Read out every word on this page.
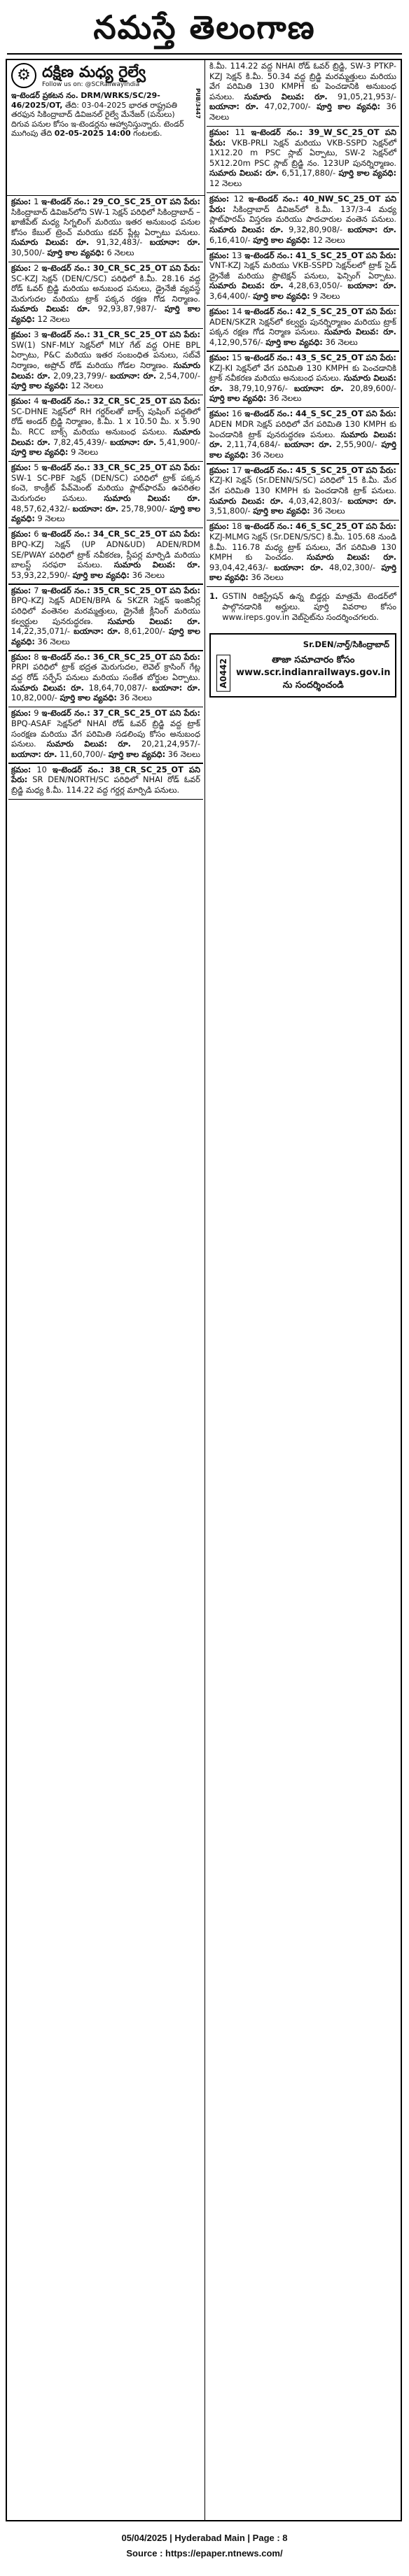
నమస్తే తెలంగాణ
⚙ దక్షిణ మధ్య రైల్వే
Follow us on: @SCRailwayIndia
PUB/3447
ఇ-టెండర్ ప్రకటన నం. DRM/WRKS/SC/29-46/2025/OT, తేది: 03-04-2025 భారత రాష్ట్రపతి తరఫున సికింద్రాబాద్ డివిజనల్ రైల్వే మేనేజర్ (పనులు) దిగువ పనుల కోసం ఇ-టెండర్లను ఆహ్వానిస్తున్నారు. టెండర్ ముగింపు తేది 02-05-2025 14:00 గంటలకు.
క్రమం: 1 ఇ-టెండర్ నం.: 29_CO_SC_25_OT పని పేరు: సికింద్రాబాద్ డివిజన్‌లోని SW-1 సెక్షన్ పరిధిలో సికింద్రాబాద్ – ఖాజీపేట్ మధ్య సిగ్నలింగ్ మరియు ఇతర అనుబంధ పనుల కోసం కేబుల్ ట్రెంచ్ మరియు కవర్ ప్లేట్ల ఏర్పాటు పనులు. సుమారు విలువ: రూ. 91,32,483/- బయానా: రూ. 30,500/- పూర్తి కాల వ్యవధి: 6 నెలలు
క్రమం: 2 ఇ-టెండర్ నం.: 30_CR_SC_25_OT పని పేరు: SC-KZJ సెక్షన్ (DEN/C/SC) పరిధిలో కి.మీ. 28.16 వద్ద రోడ్ ఓవర్ బ్రిడ్జి మరియు అనుబంధ పనులు, డ్రైనేజీ వ్యవస్థ మెరుగుదల మరియు ట్రాక్ పక్కన రక్షణ గోడ నిర్మాణం. సుమారు విలువ: రూ. 92,93,87,987/- పూర్తి కాల వ్యవధి: 12 నెలలు
క్రమం: 3 ఇ-టెండర్ నం.: 31_CR_SC_25_OT పని పేరు: SW(1) SNF-MLY సెక్షన్‌లో MLY గేట్ వద్ద OHE BPL ఏర్పాటు, P&C మరియు ఇతర సంబంధిత పనులు, సబ్‌వే నిర్మాణం, అప్రోచ్ రోడ్ మరియు గోడల నిర్మాణం. సుమారు విలువ: రూ. 2,09,23,799/- బయానా: రూ. 2,54,700/- పూర్తి కాల వ్యవధి: 12 నెలలు
క్రమం: 4 ఇ-టెండర్ నం.: 32_CR_SC_25_OT పని పేరు: SC-DHNE సెక్షన్‌లో RH గర్డర్‌లతో బాక్స్ పుషింగ్ పద్ధతిలో రోడ్ అండర్ బ్రిడ్జి నిర్మాణం, కి.మీ. 1 x 10.50 మీ. x 5.90 మీ. RCC బాక్స్ మరియు అనుబంధ పనులు. సుమారు విలువ: రూ. 7,82,45,439/- బయానా: రూ. 5,41,900/- పూర్తి కాల వ్యవధి: 9 నెలలు
క్రమం: 5 ఇ-టెండర్ నం.: 33_CR_SC_25_OT పని పేరు: SW-1 SC-PBF సెక్షన్ (DEN/SC) పరిధిలో ట్రాక్ పక్కన కంచె, కాంక్రీట్ పేవ్‌మెంట్ మరియు ప్లాట్‌ఫారమ్ ఉపరితల మెరుగుదల పనులు. సుమారు విలువ: రూ. 48,57,62,432/- బయానా: రూ. 25,78,900/- పూర్తి కాల వ్యవధి: 9 నెలలు
క్రమం: 6 ఇ-టెండర్ నం.: 34_CR_SC_25_OT పని పేరు: BPQ-KZJ సెక్షన్ (UP ADN&UD) ADEN/RDM SE/PWAY పరిధిలో ట్రాక్ నవీకరణ, స్లీపర్ల మార్పిడి మరియు బాలస్ట్ సరఫరా పనులు. సుమారు విలువ: రూ. 53,93,22,590/- పూర్తి కాల వ్యవధి: 36 నెలలు
క్రమం: 7 ఇ-టెండర్ నం.: 35_CR_SC_25_OT పని పేరు: BPQ-KZJ సెక్షన్ ADEN/BPA & SKZR సెక్షన్ ఇంజినీర్ల పరిధిలో వంతెనల మరమ్మత్తులు, డ్రైనేజీ క్లీనింగ్ మరియు కల్వర్టుల పునరుద్ధరణ. సుమారు విలువ: రూ. 14,22,35,071/- బయానా: రూ. 8,61,200/- పూర్తి కాల వ్యవధి: 36 నెలలు
క్రమం: 8 ఇ-టెండర్ నం.: 36_CR_SC_25_OT పని పేరు: PRPI పరిధిలో ట్రాక్ భద్రత మెరుగుదల, లెవెల్ క్రాసింగ్ గేట్ల వద్ద రోడ్ సర్ఫేస్ పనులు మరియు సంకేత బోర్డుల ఏర్పాటు. సుమారు విలువ: రూ. 18,64,70,087/- బయానా: రూ. 10,82,000/- పూర్తి కాల వ్యవధి: 36 నెలలు
క్రమం: 9 ఇ-టెండర్ నం.: 37_CR_SC_25_OT పని పేరు: BPQ-ASAF సెక్షన్‌లో NHAI రోడ్ ఓవర్ బ్రిడ్జి వద్ద ట్రాక్ సంరక్షణ మరియు వేగ పరిమితి సడలింపు కోసం అనుబంధ పనులు. సుమారు విలువ: రూ. 20,21,24,957/- బయానా: రూ. 11,60,700/- పూర్తి కాల వ్యవధి: 36 నెలలు
క్రమం: 10 ఇ-టెండర్ నం.: 38_CR_SC_25_OT పని పేరు: SR DEN/NORTH/SC పరిధిలో NHAI రోడ్ ఓవర్ బ్రిడ్జి మధ్య కి.మీ. 114.22 వద్ద గర్డర్ల మార్పిడి పనులు.
కి.మీ. 114.22 వద్ద NHAI రోడ్ ఓవర్ బ్రిడ్జి, SW-3 PTKP-KZJ సెక్షన్ కి.మీ. 50.34 వద్ద బ్రిడ్జి మరమ్మత్తులు మరియు వేగ పరిమితి 130 KMPH కు పెంచడానికి అనుబంధ పనులు. సుమారు విలువ: రూ. 91,05,21,953/- బయానా: రూ. 47,02,700/- పూర్తి కాల వ్యవధి: 36 నెలలు
క్రమం: 11 ఇ-టెండర్ నం.: 39_W_SC_25_OT పని పేరు: VKB-PRLI సెక్షన్ మరియు VKB-SSPD సెక్షన్‌లో 1X12.20 m PSC స్లాబ్ ఏర్పాటు, SW-2 సెక్షన్‌లో 5X12.20m PSC స్లాబ్ బ్రిడ్జి నం. 123UP పునర్నిర్మాణం. సుమారు విలువ: రూ. 6,51,17,880/- పూర్తి కాల వ్యవధి: 12 నెలలు
క్రమం: 12 ఇ-టెండర్ నం.: 40_NW_SC_25_OT పని పేరు: సికింద్రాబాద్ డివిజన్‌లో కి.మీ. 137/3-4 మధ్య ప్లాట్‌ఫారమ్ విస్తరణ మరియు పాదచారుల వంతెన పనులు. సుమారు విలువ: రూ. 9,32,80,908/- బయానా: రూ. 6,16,410/- పూర్తి కాల వ్యవధి: 12 నెలలు
క్రమం: 13 ఇ-టెండర్ నం.: 41_S_SC_25_OT పని పేరు: VNT-KZJ సెక్షన్ మరియు VKB-SSPD సెక్షన్‌లలో ట్రాక్ సైడ్ డ్రైనేజీ మరియు ప్రొటెక్షన్ పనులు, ఫెన్సింగ్ ఏర్పాటు. సుమారు విలువ: రూ. 4,28,63,050/- బయానా: రూ. 3,64,400/- పూర్తి కాల వ్యవధి: 9 నెలలు
క్రమం: 14 ఇ-టెండర్ నం.: 42_S_SC_25_OT పని పేరు: ADEN/SKZR సెక్షన్‌లో కల్వర్టు పునర్నిర్మాణం మరియు ట్రాక్ పక్కన రక్షణ గోడ నిర్మాణ పనులు. సుమారు విలువ: రూ. 4,12,90,576/- పూర్తి కాల వ్యవధి: 36 నెలలు
క్రమం: 15 ఇ-టెండర్ నం.: 43_S_SC_25_OT పని పేరు: KZJ-KI సెక్షన్‌లో వేగ పరిమితి 130 KMPH కు పెంచడానికి ట్రాక్ నవీకరణ మరియు అనుబంధ పనులు. సుమారు విలువ: రూ. 38,79,10,976/- బయానా: రూ. 20,89,600/- పూర్తి కాల వ్యవధి: 36 నెలలు
క్రమం: 16 ఇ-టెండర్ నం.: 44_S_SC_25_OT పని పేరు: ADEN MDR సెక్షన్ పరిధిలో వేగ పరిమితి 130 KMPH కు పెంచడానికి ట్రాక్ పునరుద్ధరణ పనులు. సుమారు విలువ: రూ. 2,11,74,684/- బయానా: రూ. 2,55,900/- పూర్తి కాల వ్యవధి: 36 నెలలు
క్రమం: 17 ఇ-టెండర్ నం.: 45_S_SC_25_OT పని పేరు: KZJ-KI సెక్షన్ (Sr.DENN/S/SC) పరిధిలో 15 కి.మీ. మేర వేగ పరిమితి 130 KMPH కు పెంచడానికి ట్రాక్ పనులు. సుమారు విలువ: రూ. 4,03,42,803/- బయానా: రూ. 3,51,800/- పూర్తి కాల వ్యవధి: 36 నెలలు
క్రమం: 18 ఇ-టెండర్ నం.: 46_S_SC_25_OT పని పేరు: KZJ-MLMG సెక్షన్ (Sr.DEN/S/SC) కి.మీ. 105.68 నుండి కి.మీ. 116.78 మధ్య ట్రాక్ పనులు, వేగ పరిమితి 130 KMPH కు పెంచడం. సుమారు విలువ: రూ. 93,04,42,463/- బయానా: రూ. 48,02,300/- పూర్తి కాల వ్యవధి: 36 నెలలు
1. GSTIN రిజిస్ట్రేషన్ ఉన్న బిడ్డర్లు మాత్రమే టెండర్‌లో పాల్గొనడానికి అర్హులు. పూర్తి వివరాల కోసం www.ireps.gov.in వెబ్‌సైట్‌ను సందర్శించగలరు.
Sr.DEN/నార్త్/సికింద్రాబాద్
A0442	తాజా సమాచారం కోసం www.scr.indianrailways.gov.in ను సందర్శించండి
05/04/2025 | Hyderabad Main | Page : 8
Source : https://epaper.ntnews.com/
